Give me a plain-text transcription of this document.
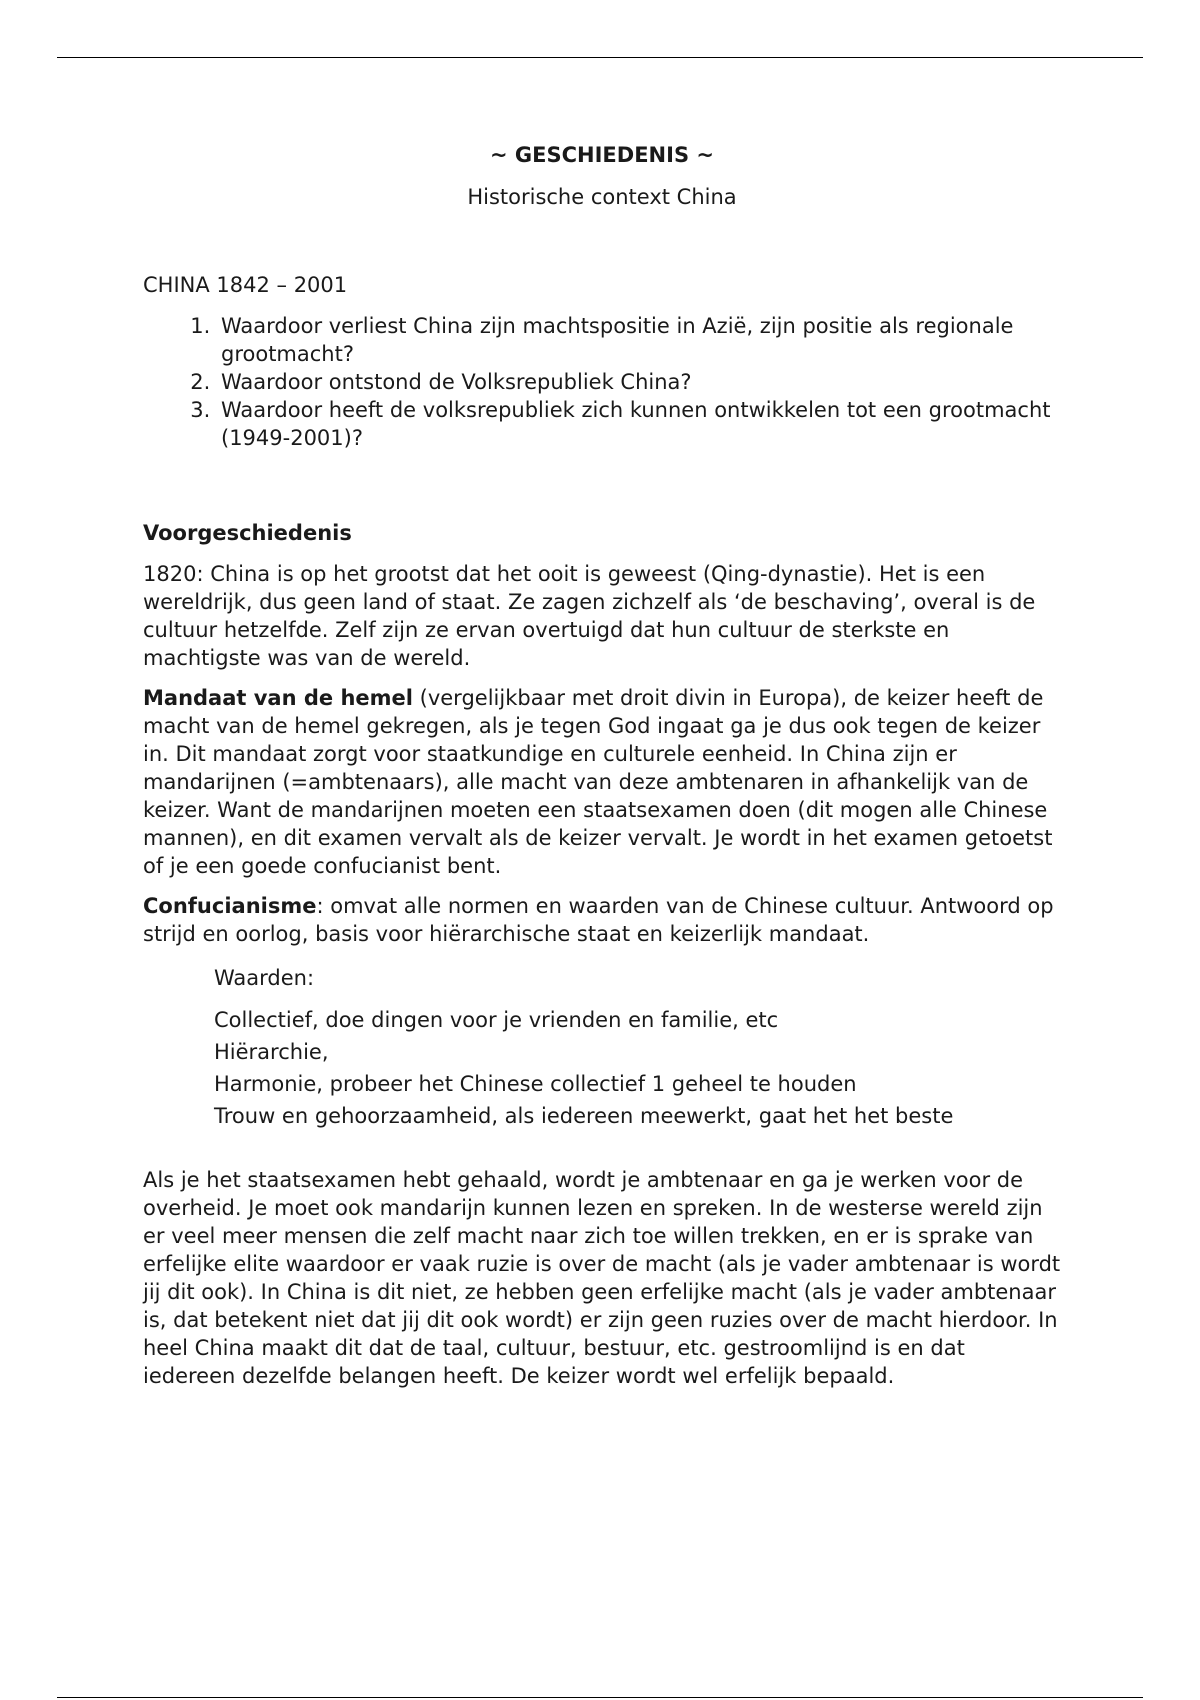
~ GESCHIEDENIS ~

Historische context China

CHINA 1842 – 2001

1. Waardoor verliest China zijn machtspositie in Azië, zijn positie als regionale grootmacht?
2. Waardoor ontstond de Volksrepubliek China?
3. Waardoor heeft de volksrepubliek zich kunnen ontwikkelen tot een grootmacht (1949-2001)?

Voorgeschiedenis

1820: China is op het grootst dat het ooit is geweest (Qing-dynastie). Het is een wereldrijk, dus geen land of staat. Ze zagen zichzelf als ‘de beschaving’, overal is de cultuur hetzelfde. Zelf zijn ze ervan overtuigd dat hun cultuur de sterkste en machtigste was van de wereld.

Mandaat van de hemel (vergelijkbaar met droit divin in Europa), de keizer heeft de macht van de hemel gekregen, als je tegen God ingaat ga je dus ook tegen de keizer in. Dit mandaat zorgt voor staatkundige en culturele eenheid. In China zijn er mandarijnen (=ambtenaars), alle macht van deze ambtenaren in afhankelijk van de keizer. Want de mandarijnen moeten een staatsexamen doen (dit mogen alle Chinese mannen), en dit examen vervalt als de keizer vervalt. Je wordt in het examen getoetst of je een goede confucianist bent.

Confucianisme: omvat alle normen en waarden van de Chinese cultuur. Antwoord op strijd en oorlog, basis voor hiërarchische staat en keizerlijk mandaat.

Waarden:

Collectief, doe dingen voor je vrienden en familie, etc
Hiërarchie,
Harmonie, probeer het Chinese collectief 1 geheel te houden
Trouw en gehoorzaamheid, als iedereen meewerkt, gaat het het beste

Als je het staatsexamen hebt gehaald, wordt je ambtenaar en ga je werken voor de overheid. Je moet ook mandarijn kunnen lezen en spreken. In de westerse wereld zijn er veel meer mensen die zelf macht naar zich toe willen trekken, en er is sprake van erfelijke elite waardoor er vaak ruzie is over de macht (als je vader ambtenaar is wordt jij dit ook). In China is dit niet, ze hebben geen erfelijke macht (als je vader ambtenaar is, dat betekent niet dat jij dit ook wordt) er zijn geen ruzies over de macht hierdoor. In heel China maakt dit dat de taal, cultuur, bestuur, etc. gestroomlijnd is en dat iedereen dezelfde belangen heeft. De keizer wordt wel erfelijk bepaald.
